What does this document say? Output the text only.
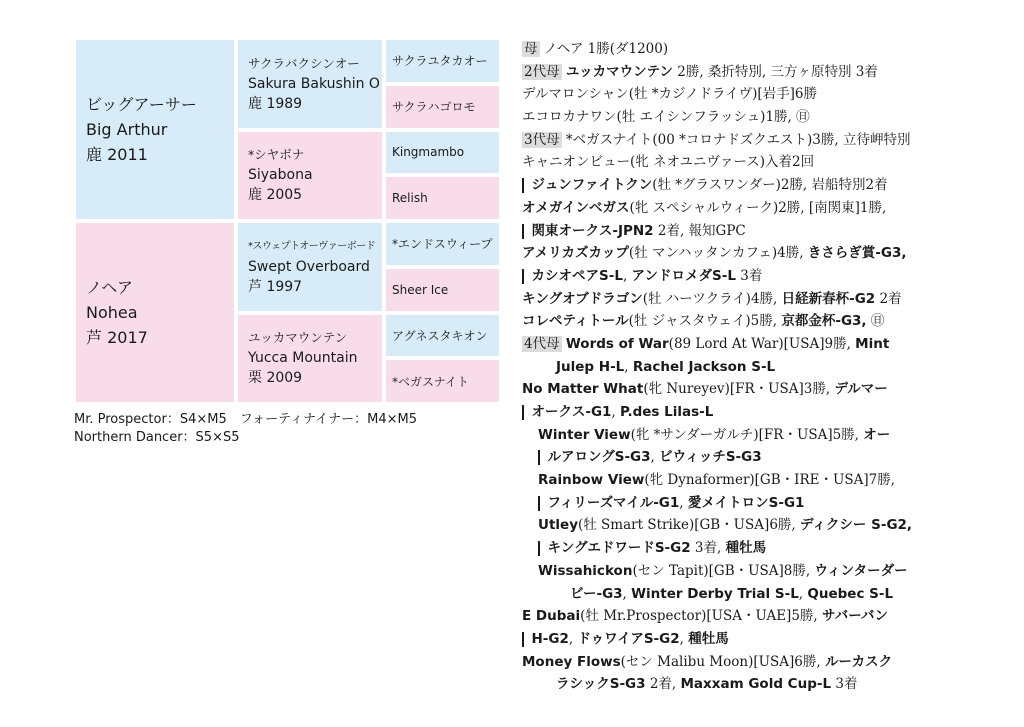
ビッグアーサー
Big Arthur
鹿 2011
ノヘア
Nohea
芦 2017
サクラバクシンオー
Sakura Bakushin O
鹿 1989
*シヤボナ
Siyabona
鹿 2005
*スウェプトオーヴァーボード
Swept Overboard
芦 1997
ユッカマウンテン
Yucca Mountain
栗 2009
サクラユタカオー
サクラハゴロモ
Kingmambo
Relish
*エンドスウィープ
Sheer Ice
アグネスタキオン
*ベガスナイト
Mr. Prospector：S4×M5　フォーティナイナー：M4×M5
Northern Dancer：S5×S5
母 ノヘア 1勝(ダ1200)
2代母 ユッカマウンテン 2勝, 桑折特別, 三方ヶ原特別 3着
デルマロンシャン(牡 *カジノドライヴ)[岩手]6勝
エコロカナワン(牡 エイシンフラッシュ)1勝, ㊐
3代母 *ベガスナイト(00 *コロナドズクエスト)3勝, 立待岬特別
キャニオンビュー(牝 ネオユニヴァース)入着2回
ジュンファイトクン(牡 *グラスワンダー)2勝, 岩船特別2着
オメガインベガス(牝 スペシャルウィーク)2勝, [南関東]1勝,
関東オークス-JPN2 2着, 報知GPC
アメリカズカップ(牡 マンハッタンカフェ)4勝, きさらぎ賞-G3,
カシオペアS-L, アンドロメダS-L 3着
キングオブドラゴン(牡 ハーツクライ)4勝, 日経新春杯-G2 2着
コレペティトール(牡 ジャスタウェイ)5勝, 京都金杯-G3, ㊐
4代母 Words of War(89 Lord At War)[USA]9勝, Mint
Julep H-L, Rachel Jackson S-L
No Matter What(牝 Nureyev)[FR・USA]3勝, デルマー
オークス-G1, P.des Lilas-L
Winter View(牝 *サンダーガルチ)[FR・USA]5勝, オー
ルアロングS-G3, ビウィッチS-G3
Rainbow View(牝 Dynaformer)[GB・IRE・USA]7勝,
フィリーズマイル-G1, 愛メイトロンS-G1
Utley(牡 Smart Strike)[GB・USA]6勝, ディクシー S-G2,
キングエドワードS-G2 3着, 種牡馬
Wissahickon(セン Tapit)[GB・USA]8勝, ウィンターダー
ビー-G3, Winter Derby Trial S-L, Quebec S-L
E Dubai(牡 Mr.Prospector)[USA・UAE]5勝, サバーバン
H-G2, ドゥワイアS-G2, 種牡馬
Money Flows(セン Malibu Moon)[USA]6勝, ルーカスク
ラシックS-G3 2着, Maxxam Gold Cup-L 3着
